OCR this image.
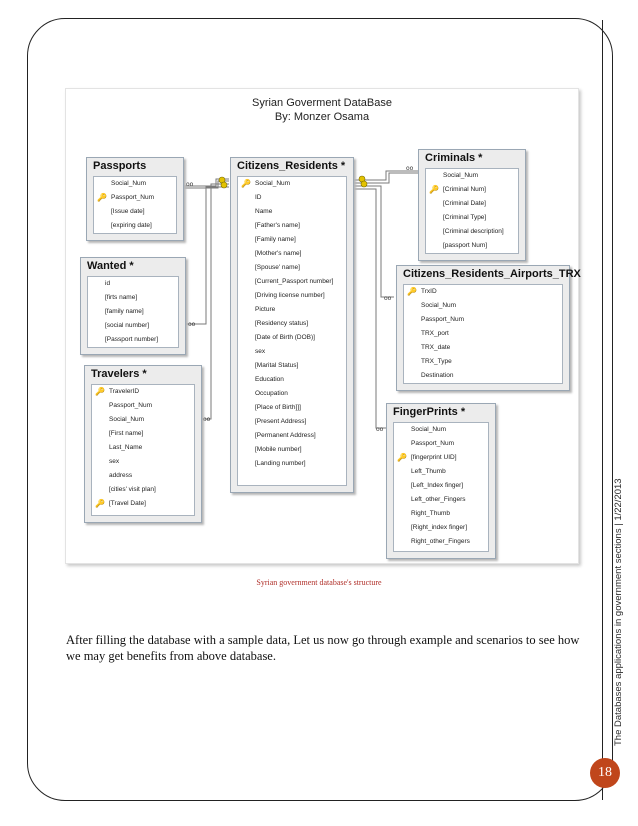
The Databases applications in government sections | 1/22/2013
18
Syrian Goverment DataBase
By: Monzer Osama
oo
oo
oo
oo
oo
oo
Passports
Social_Num
🔑 Passport_Num
[Issue date]
[expiring date]
Wanted *
id
[firts name]
[family name]
[social number]
[Passport number]
Travelers *
🔑 TravelerID
Passport_Num
Social_Num
[First name]
Last_Name
sex
address
[cities' visit plan]
🔑 [Travel Date]
Citizens_Residents *
🔑 Social_Num
ID
Name
[Father's name]
[Family name]
[Mother's name]
[Spouse' name]
[Current_Passport number]
[Driving license number]
Picture
[Residency status]
[Date of Birth (DOB)]
sex
[Marital Status]
Education
Occupation
[Place of Birth]]]
[Present Address]
[Permanent Address]
[Mobile number]
[Landing number]
Criminals *
Social_Num
🔑 [Criminal Num]
[Criminal Date]
[Criminal Type]
[Criminal description]
[passport Num]
Citizens_Residents_Airports_TRX
🔑 TrxID
Social_Num
Passport_Num
TRX_port
TRX_date
TRX_Type
Destination
FingerPrints *
Social_Num
Passport_Num
🔑 [fingerprint UID]
Left_Thumb
[Left_Index finger]
Left_other_Fingers
Right_Thumb
[Right_index finger]
Right_other_Fingers
Syrian government database's structure
After filling the database with a sample data, Let us now go through example and scenarios to see how we may get benefits from above database.
